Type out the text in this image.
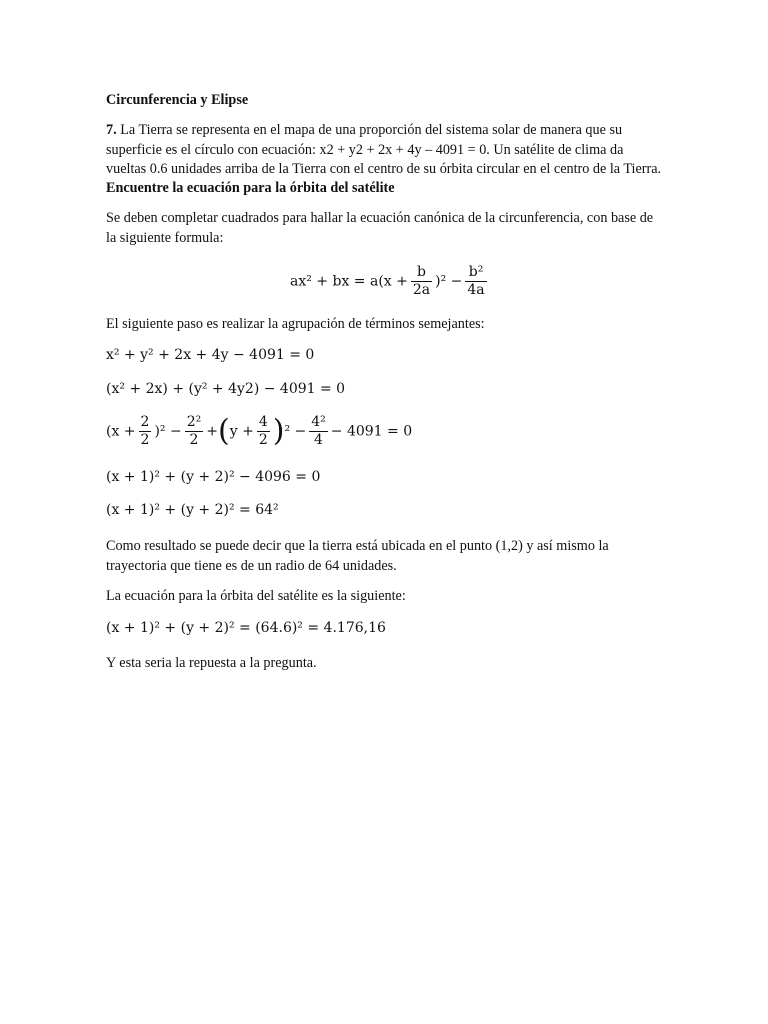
Circunferencia y Elipse

7. La Tierra se representa en el mapa de una proporción del sistema solar de manera que su superficie es el círculo con ecuación: x2 + y2 + 2x + 4y – 4091 = 0. Un satélite de clima da vueltas 0.6 unidades arriba de la Tierra con el centro de su órbita circular en el centro de la Tierra.

Encuentre la ecuación para la órbita del satélite

Se deben completar cuadrados para hallar la ecuación canónica de la circunferencia, con base de la siguiente formula:

ax² + bx = $a(x + \frac{b}{2a} )^2 - \frac{\text{b²}}{4a}$

El siguiente paso es realizar la agrupación de términos semejantes:

x² + y² + 2x + 4y − 4091 = 0
(x² + 2x) + (y² + 4y2) − 4091 = 0
$(x + \frac{2}{2} )^2 - \frac{\text{2²}}{2} +(y + \frac{4}{2} )^2 - \frac{\text{4²}}{4} - 4091 = 0$
(x + 1)² + (y + 2)² − 4096 = 0
(x + 1)² + (y + 2)² = 64²

Como resultado se puede decir que la tierra está ubicada en el punto (1,2) y así mismo la trayectoria que tiene es de un radio de 64 unidades.

La ecuación para la órbita del satélite es la siguiente:

(x + 1)² + (y + 2)² = (64.6)² = 4.176,16

Y esta seria la repuesta a la pregunta.
